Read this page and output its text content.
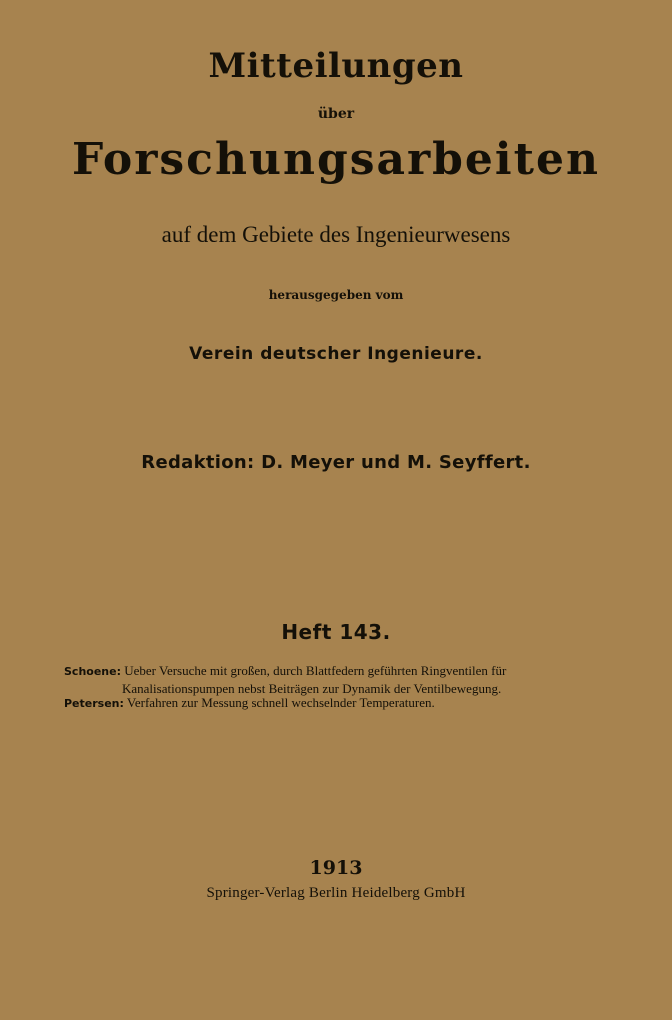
Mitteilungen
über
Forschungsarbeiten
auf dem Gebiete des Ingenieurwesens
herausgegeben vom
Verein deutscher Ingenieure.
Redaktion: D. Meyer und M. Seyffert.
Heft 143.
Schoene: Ueber Versuche mit großen, durch Blattfedern geführten Ringventilen für
Kanalisationspumpen nebst Beiträgen zur Dynamik der Ventilbewegung.
Petersen: Verfahren zur Messung schnell wechselnder Temperaturen.
1913
Springer-Verlag Berlin Heidelberg GmbH
